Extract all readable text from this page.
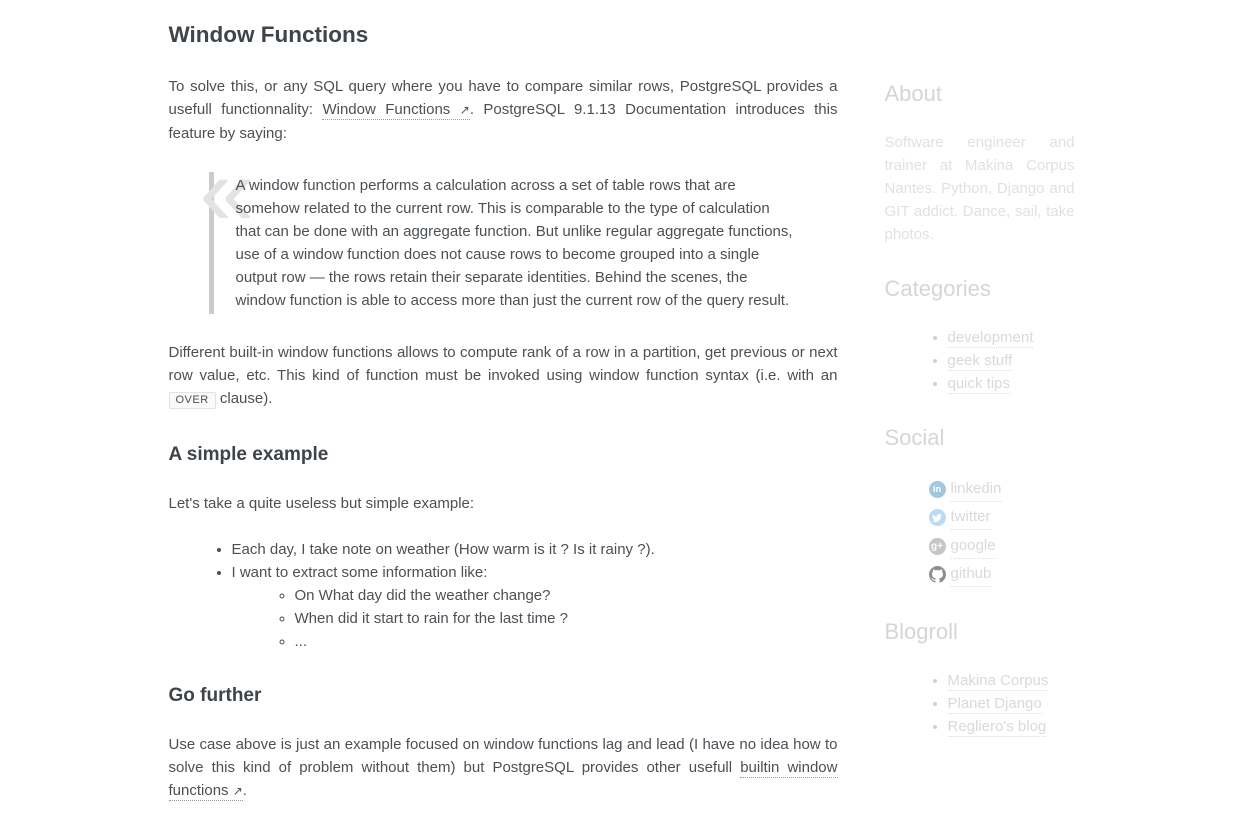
Window Functions

To solve this, or any SQL query where you have to compare similar rows, PostgreSQL provides a usefull functionnality: Window Functions ↗. PostgreSQL 9.1.13 Documentation introduces this feature by saying:

«

A window function performs a calculation across a set of table rows that are somehow related to the current row. This is comparable to the type of calculation that can be done with an aggregate function. But unlike regular aggregate functions, use of a window function does not cause rows to become grouped into a single output row — the rows retain their separate identities. Behind the scenes, the window function is able to access more than just the current row of the query result.

Different built-in window functions allows to compute rank of a row in a partition, get previous or next row value, etc. This kind of function must be invoked using window function syntax (i.e. with an OVER clause).

A simple example

Let's take a quite useless but simple example:

• Each day, I take note on weather (How warm is it ? Is it rainy ?).
• I want to extract some information like:
◦ On What day did the weather change?
◦ When did it start to rain for the last time ?
◦ ...
Go further

Use case above is just an example focused on window functions lag and lead (I have no idea how to solve this kind of problem without them) but PostgreSQL provides other usefull builtin window functions ↗.

About

Software engineer and trainer at Makina Corpus Nantes. Python, Django and GIT addict. Dance, sail, take photos.

Categories
• development
• geek stuff
• quick tips
Social
in linkedin
twitter
g+ google
github
Blogroll
• Makina Corpus
• Planet Django
• Regliero's blog
